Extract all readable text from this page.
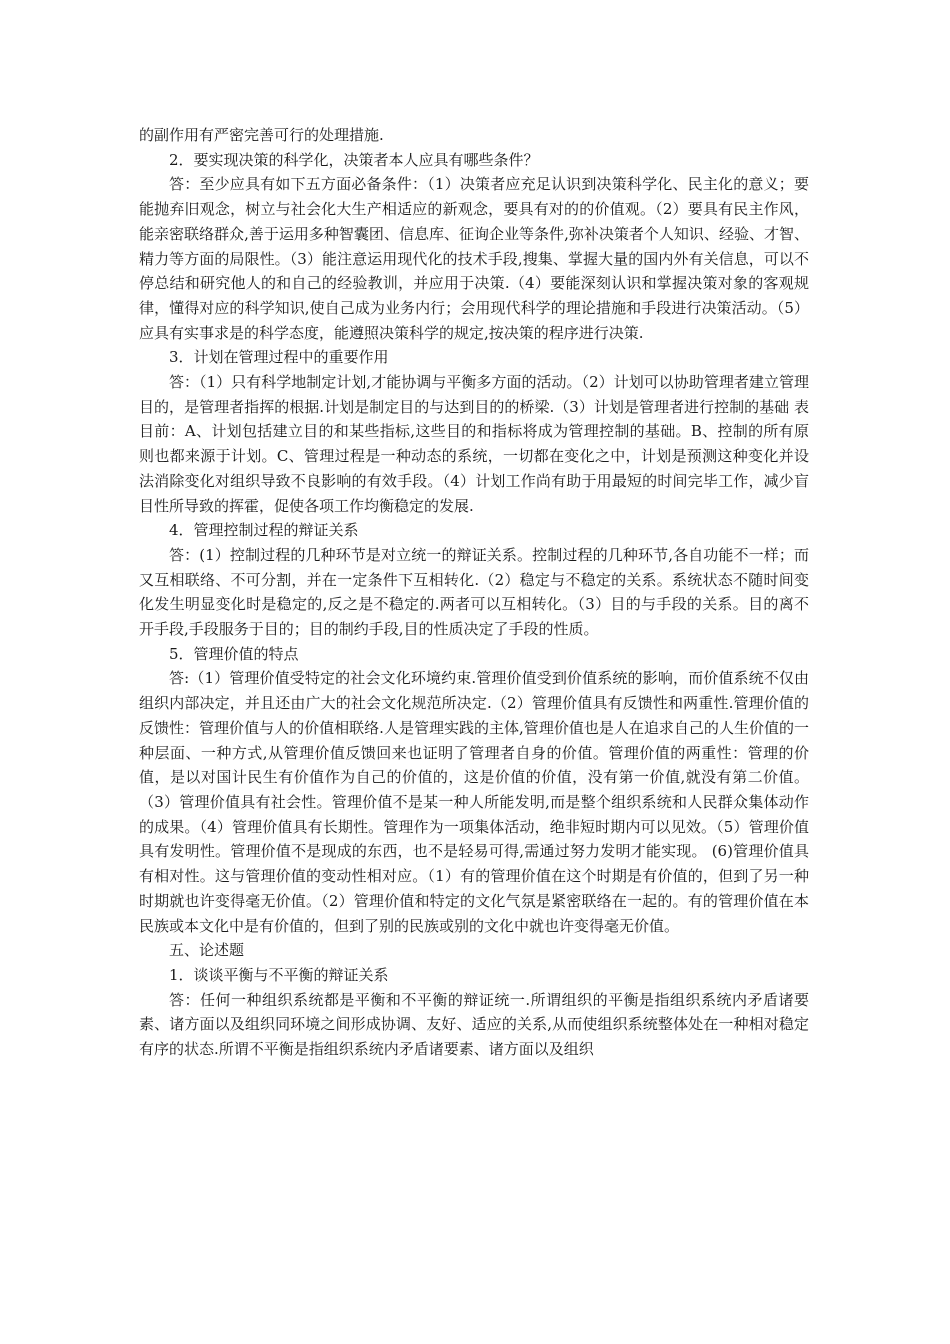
的副作用有严密完善可行的处理措施.

2．要实现决策的科学化，决策者本人应具有哪些条件？

答：至少应具有如下五方面必备条件：（1）决策者应充足认识到决策科学化、民主化的意义；要能抛弃旧观念，树立与社会化大生产相适应的新观念，要具有对的的价值观。（2）要具有民主作风，能亲密联络群众,善于运用多种智囊团、信息库、征询企业等条件,弥补决策者个人知识、经验、才智、精力等方面的局限性。（3）能注意运用现代化的技术手段,搜集、掌握大量的国内外有关信息，可以不停总结和研究他人的和自己的经验教训，并应用于决策.（4）要能深刻认识和掌握决策对象的客观规律，懂得对应的科学知识,使自己成为业务内行；会用现代科学的理论措施和手段进行决策活动。（5）应具有实事求是的科学态度，能遵照决策科学的规定,按决策的程序进行决策.

3．计划在管理过程中的重要作用

答：（1）只有科学地制定计划,才能协调与平衡多方面的活动。（2）计划可以协助管理者建立管理目的，是管理者指挥的根据.计划是制定目的与达到目的的桥梁.（3）计划是管理者进行控制的基础 表目前：A、计划包括建立目的和某些指标,这些目的和指标将成为管理控制的基础。B、控制的所有原则也都来源于计划。C、管理过程是一种动态的系统，一切都在变化之中，计划是预测这种变化并设法消除变化对组织导致不良影响的有效手段。（4）计划工作尚有助于用最短的时间完毕工作，减少盲目性所导致的挥霍，促使各项工作均衡稳定的发展.

4．管理控制过程的辩证关系

答：(1）控制过程的几种环节是对立统一的辩证关系。控制过程的几种环节,各自功能不一样；而又互相联络、不可分割，并在一定条件下互相转化.（2）稳定与不稳定的关系。系统状态不随时间变化发生明显变化时是稳定的,反之是不稳定的.两者可以互相转化。（3）目的与手段的关系。目的离不开手段,手段服务于目的；目的制约手段,目的性质决定了手段的性质。

5．管理价值的特点

答:（1）管理价值受特定的社会文化环境约束.管理价值受到价值系统的影响，而价值系统不仅由组织内部决定，并且还由广大的社会文化规范所决定.（2）管理价值具有反馈性和两重性.管理价值的反馈性：管理价值与人的价值相联络.人是管理实践的主体,管理价值也是人在追求自己的人生价值的一种层面、一种方式,从管理价值反馈回来也证明了管理者自身的价值。管理价值的两重性：管理的价值，是以对国计民生有价值作为自己的价值的，这是价值的价值，没有第一价值,就没有第二价值。（3）管理价值具有社会性。管理价值不是某一种人所能发明,而是整个组织系统和人民群众集体动作的成果。（4）管理价值具有长期性。管理作为一项集体活动，绝非短时期内可以见效。（5）管理价值具有发明性。管理价值不是现成的东西，也不是轻易可得,需通过努力发明才能实现。 (6)管理价值具有相对性。这与管理价值的变动性相对应。（1）有的管理价值在这个时期是有价值的，但到了另一种时期就也许变得毫无价值。（2）管理价值和特定的文化气氛是紧密联络在一起的。有的管理价值在本民族或本文化中是有价值的，但到了别的民族或别的文化中就也许变得毫无价值。

五、论述题

1．谈谈平衡与不平衡的辩证关系

答：任何一种组织系统都是平衡和不平衡的辩证统一.所谓组织的平衡是指组织系统内矛盾诸要素、诸方面以及组织同环境之间形成协调、友好、适应的关系,从而使组织系统整体处在一种相对稳定有序的状态.所谓不平衡是指组织系统内矛盾诸要素、诸方面以及组织
